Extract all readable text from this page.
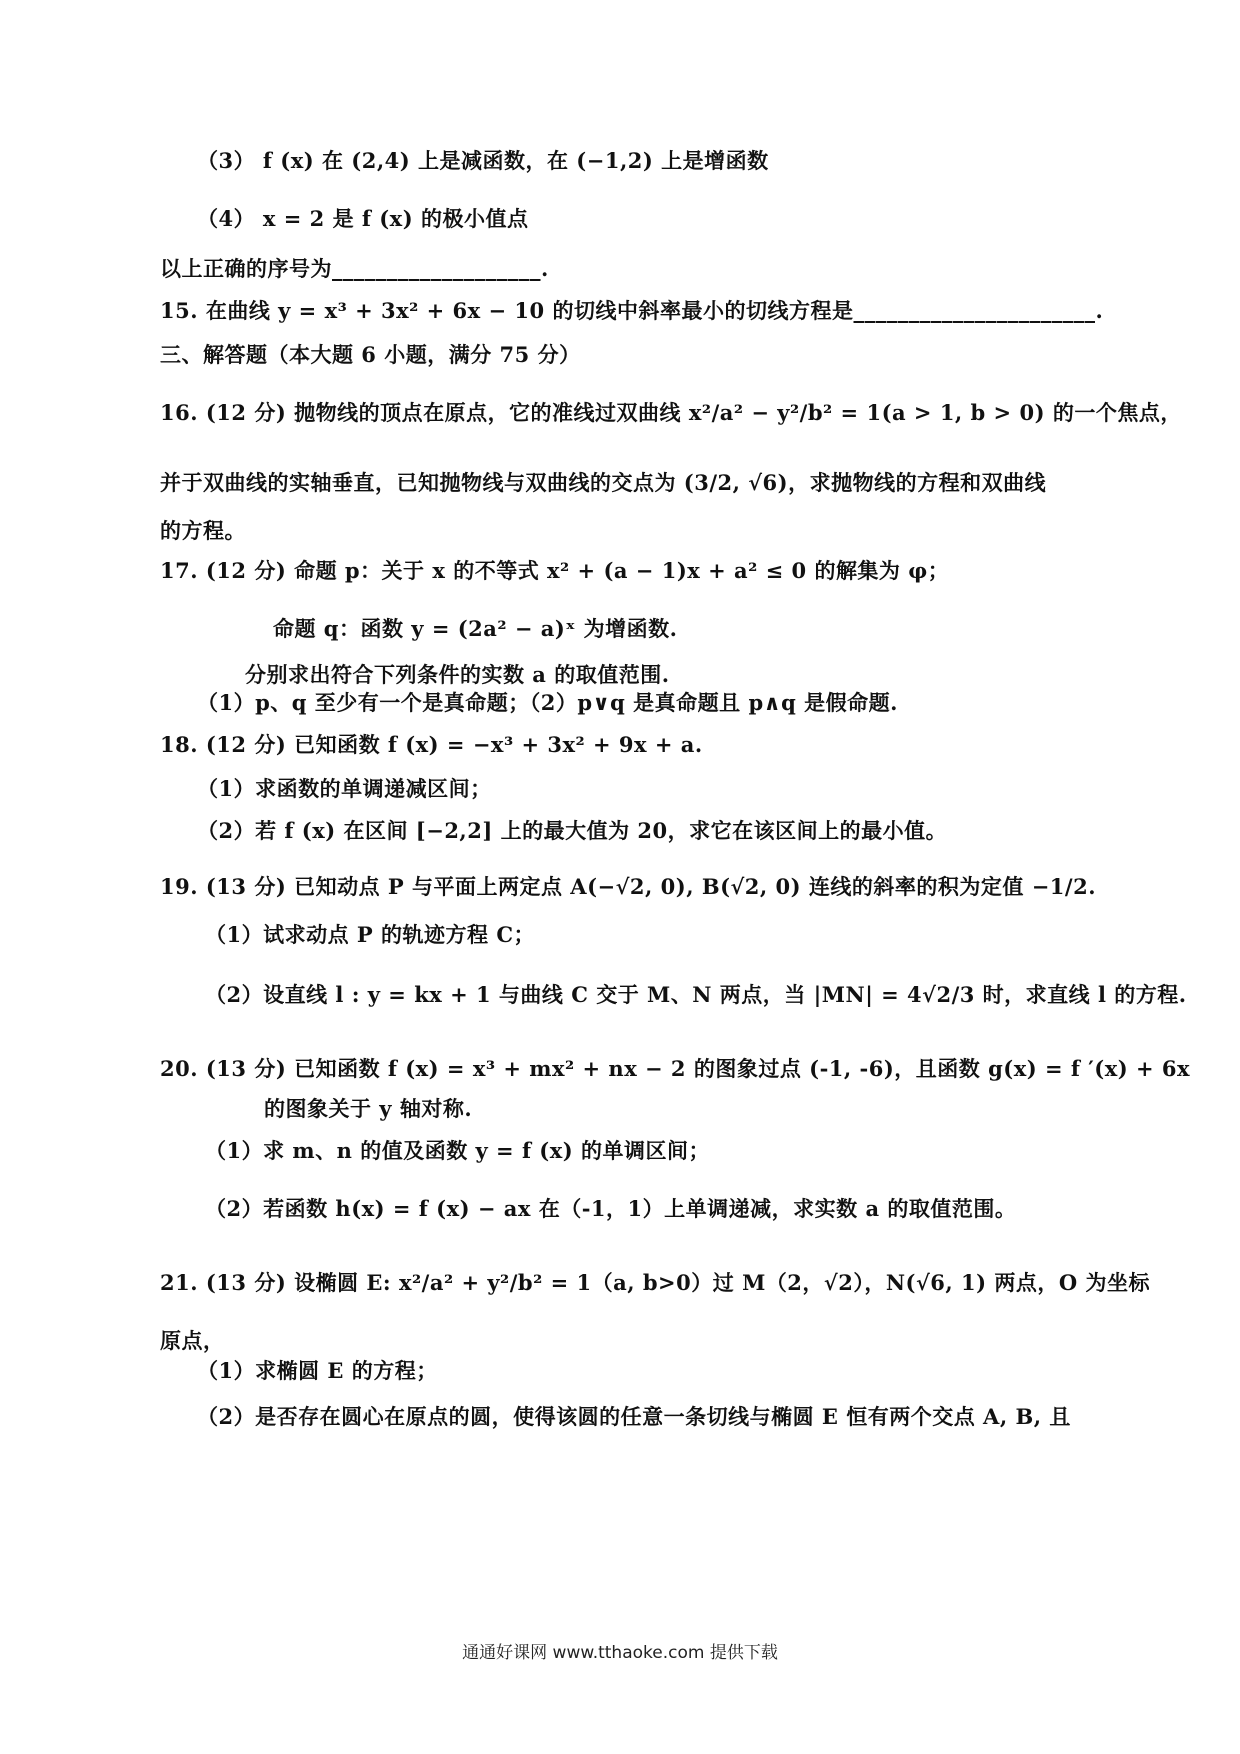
（3） f (x) 在 (2,4) 上是减函数，在 (−1,2) 上是增函数
（4） x = 2 是 f (x) 的极小值点
以上正确的序号为___________________.
15. 在曲线 y = x³ + 3x² + 6x − 10 的切线中斜率最小的切线方程是______________________.
三、解答题（本大题 6 小题，满分 75 分）
16. (12 分) 抛物线的顶点在原点，它的准线过双曲线 x²/a² − y²/b² = 1(a > 1, b > 0) 的一个焦点，
并于双曲线的实轴垂直，已知抛物线与双曲线的交点为 (3/2, √6)，求抛物线的方程和双曲线
的方程。
17. (12 分) 命题 p：关于 x 的不等式 x² + (a − 1)x + a² ≤ 0 的解集为 φ；
命题 q：函数 y = (2a² − a)ˣ 为增函数.
分别求出符合下列条件的实数 a 的取值范围.
（1）p、q 至少有一个是真命题；（2）p∨q 是真命题且 p∧q 是假命题.
18. (12 分) 已知函数 f (x) = −x³ + 3x² + 9x + a.
（1）求函数的单调递减区间；
（2）若 f (x) 在区间 [−2,2] 上的最大值为 20，求它在该区间上的最小值。
19. (13 分) 已知动点 P 与平面上两定点 A(−√2, 0), B(√2, 0) 连线的斜率的积为定值 −1/2.
（1）试求动点 P 的轨迹方程 C；
（2）设直线 l : y = kx + 1 与曲线 C 交于 M、N 两点，当 |MN| = 4√2/3 时，求直线 l 的方程.
20. (13 分) 已知函数 f (x) = x³ + mx² + nx − 2 的图象过点 (-1, -6)，且函数 g(x) = f ′(x) + 6x
的图象关于 y 轴对称.
（1）求 m、n 的值及函数 y = f (x) 的单调区间；
（2）若函数 h(x) = f (x) − ax 在（-1，1）上单调递减，求实数 a 的取值范围。
21. (13 分) 设椭圆 E: x²/a² + y²/b² = 1（a, b>0）过 M（2，√2），N(√6, 1) 两点，O 为坐标
原点，
（1）求椭圆 E 的方程；
（2）是否存在圆心在原点的圆，使得该圆的任意一条切线与椭圆 E 恒有两个交点 A, B, 且
通通好课网 www.tthaoke.com 提供下载
